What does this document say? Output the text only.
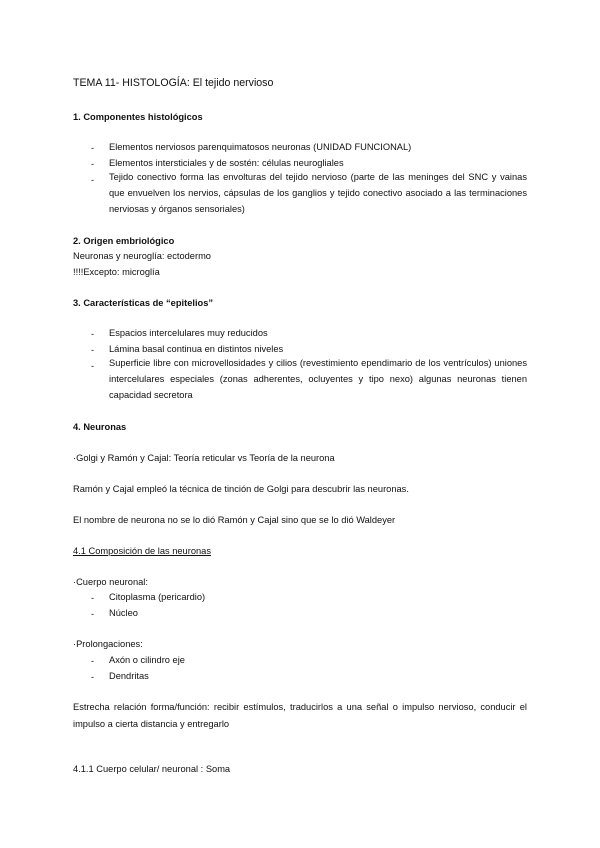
TEMA 11- HISTOLOGÍA: El tejido nervioso
1. Componentes histológicos
- Elementos nerviosos parenquimatosos neuronas (UNIDAD FUNCIONAL)
- Elementos intersticiales y de sostén: células neurogliales
- Tejido conectivo forma las envolturas del tejido nervioso (parte de las meninges del SNC y vainas que envuelven los nervios, cápsulas de los ganglios y tejido conectivo asociado a las terminaciones nerviosas y órganos sensoriales)
2. Origen embriológico
Neuronas y neuroglía: ectodermo
!!!!Excepto: microglía
3. Características de “epitelios”
- Espacios intercelulares muy reducidos
- Lámina basal continua en distintos niveles
- Superficie libre con microvellosidades y cilios (revestimiento ependimario de los ventrículos) uniones intercelulares especiales (zonas adherentes, ocluyentes y tipo nexo) algunas neuronas tienen capacidad secretora
4. Neuronas
·Golgi y Ramón y Cajal: Teoría reticular vs Teoría de la neurona
Ramón y Cajal empleó la técnica de tinción de Golgi para descubrir las neuronas.
El nombre de neurona no se lo dió Ramón y Cajal sino que se lo dió Waldeyer
4.1 Composición de las neuronas
·Cuerpo neuronal:
- Citoplasma (pericardio)
- Núcleo
·Prolongaciones:
- Axón o cilindro eje
- Dendritas
Estrecha relación forma/función: recibir estímulos, traducirlos a una señal o impulso nervioso, conducir el impulso a cierta distancia y entregarlo
4.1.1 Cuerpo celular/ neuronal : Soma
